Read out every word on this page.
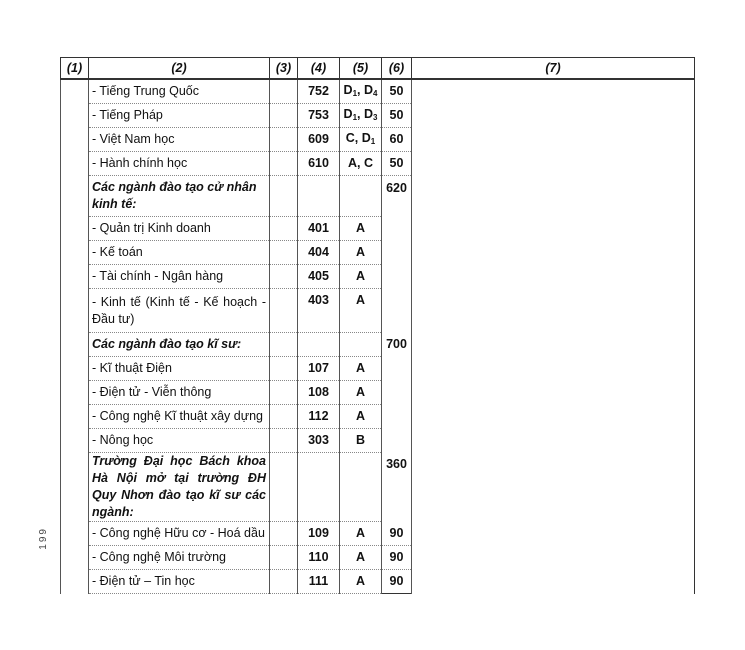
199
(1)	(2)	(3)	(4)	(5)	(6)	(7)
	- Tiếng Trung Quốc		752	$D_1$, $D_4$	50	
	- Tiếng Pháp		753	$D_1$, $D_3$	50	
	- Việt Nam học		609	C, $D_1$	60	
	- Hành chính học		610	A, C	50	
	Các ngành đào tạo cử nhân kinh tế:				620	
	- Quản trị Kinh doanh		401	A		
	- Kế toán		404	A		
	- Tài chính - Ngân hàng		405	A		
	- Kinh tế (Kinh tế - Kế hoạch - Đầu tư)		403	A		
	Các ngành đào tạo kĩ sư:				700	
	- Kĩ thuật Điện		107	A		
	- Điện tử - Viễn thông		108	A		
	- Công nghệ Kĩ thuật xây dựng		112	A		
	- Nông học		303	B		
	Trường Đại học Bách khoa Hà Nội mở tại trường ĐH Quy Nhơn đào tạo kĩ sư các ngành:				360	
	- Công nghệ Hữu cơ - Hoá dầu		109	A	90	
	- Công nghệ Môi trường		110	A	90	
	- Điện tử – Tin học		111	A	90	
